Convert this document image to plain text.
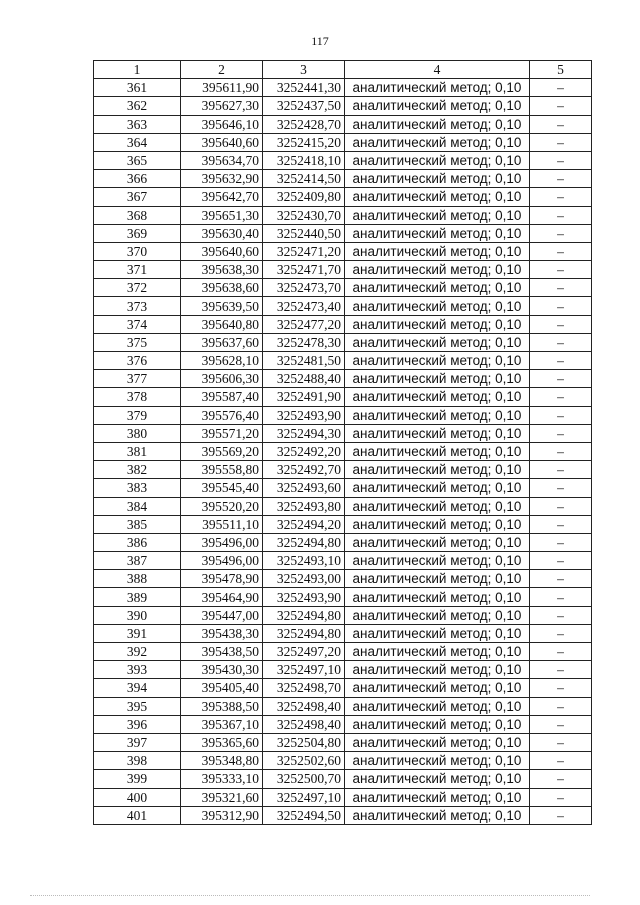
117
1	2	3	4	5
361	395611,90	3252441,30	аналитический метод; 0,10	–
362	395627,30	3252437,50	аналитический метод; 0,10	–
363	395646,10	3252428,70	аналитический метод; 0,10	–
364	395640,60	3252415,20	аналитический метод; 0,10	–
365	395634,70	3252418,10	аналитический метод; 0,10	–
366	395632,90	3252414,50	аналитический метод; 0,10	–
367	395642,70	3252409,80	аналитический метод; 0,10	–
368	395651,30	3252430,70	аналитический метод; 0,10	–
369	395630,40	3252440,50	аналитический метод; 0,10	–
370	395640,60	3252471,20	аналитический метод; 0,10	–
371	395638,30	3252471,70	аналитический метод; 0,10	–
372	395638,60	3252473,70	аналитический метод; 0,10	–
373	395639,50	3252473,40	аналитический метод; 0,10	–
374	395640,80	3252477,20	аналитический метод; 0,10	–
375	395637,60	3252478,30	аналитический метод; 0,10	–
376	395628,10	3252481,50	аналитический метод; 0,10	–
377	395606,30	3252488,40	аналитический метод; 0,10	–
378	395587,40	3252491,90	аналитический метод; 0,10	–
379	395576,40	3252493,90	аналитический метод; 0,10	–
380	395571,20	3252494,30	аналитический метод; 0,10	–
381	395569,20	3252492,20	аналитический метод; 0,10	–
382	395558,80	3252492,70	аналитический метод; 0,10	–
383	395545,40	3252493,60	аналитический метод; 0,10	–
384	395520,20	3252493,80	аналитический метод; 0,10	–
385	395511,10	3252494,20	аналитический метод; 0,10	–
386	395496,00	3252494,80	аналитический метод; 0,10	–
387	395496,00	3252493,10	аналитический метод; 0,10	–
388	395478,90	3252493,00	аналитический метод; 0,10	–
389	395464,90	3252493,90	аналитический метод; 0,10	–
390	395447,00	3252494,80	аналитический метод; 0,10	–
391	395438,30	3252494,80	аналитический метод; 0,10	–
392	395438,50	3252497,20	аналитический метод; 0,10	–
393	395430,30	3252497,10	аналитический метод; 0,10	–
394	395405,40	3252498,70	аналитический метод; 0,10	–
395	395388,50	3252498,40	аналитический метод; 0,10	–
396	395367,10	3252498,40	аналитический метод; 0,10	–
397	395365,60	3252504,80	аналитический метод; 0,10	–
398	395348,80	3252502,60	аналитический метод; 0,10	–
399	395333,10	3252500,70	аналитический метод; 0,10	–
400	395321,60	3252497,10	аналитический метод; 0,10	–
401	395312,90	3252494,50	аналитический метод; 0,10	–
